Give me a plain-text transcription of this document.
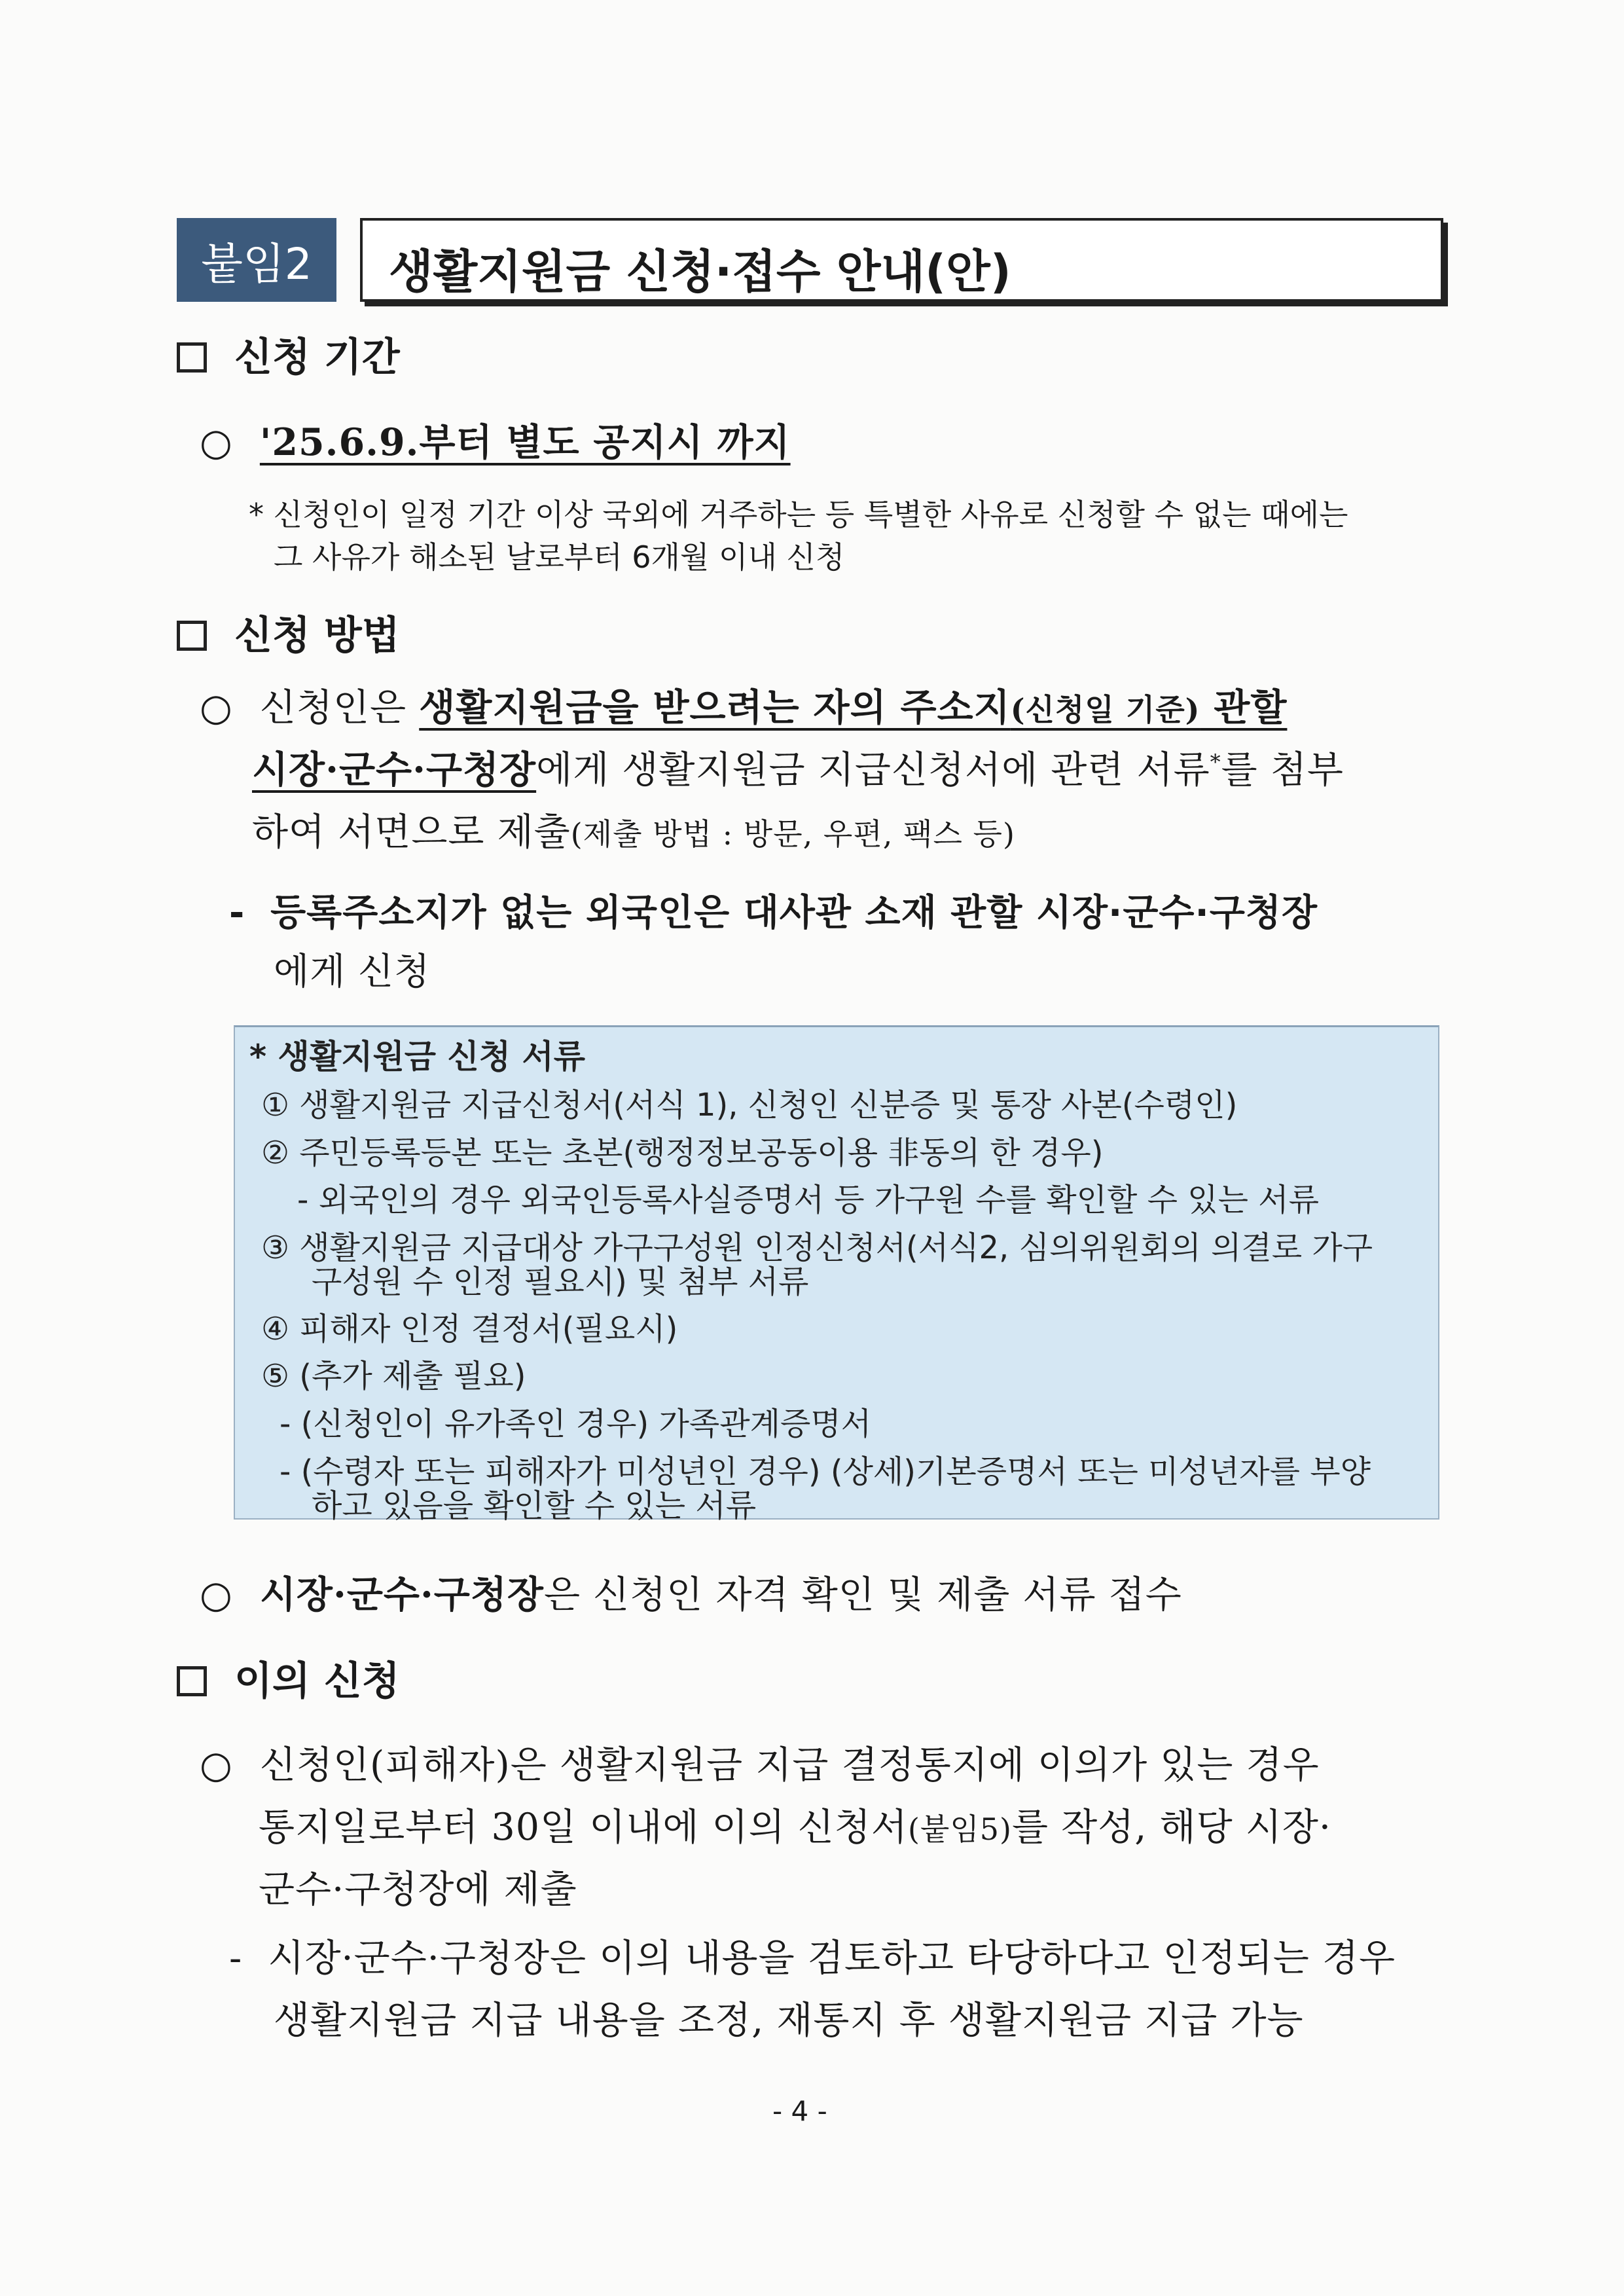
붙임2 생활지원금 신청·접수 안내(안)
신청 기간
○ '25.6.9.부터 별도 공지시 까지
* 신청인이 일정 기간 이상 국외에 거주하는 등 특별한 사유로 신청할 수 없는 때에는
그 사유가 해소된 날로부터 6개월 이내 신청
신청 방법
○ 신청인은 생활지원금을 받으려는 자의 주소지(신청일 기준) 관할
시장·군수·구청장에게 생활지원금 지급신청서에 관련 서류*를 첨부
하여 서면으로 제출(제출 방법 : 방문, 우편, 팩스 등)
- 등록주소지가 없는 외국인은 대사관 소재 관할 시장·군수·구청장
에게 신청
* 생활지원금 신청 서류
① 생활지원금 지급신청서(서식 1), 신청인 신분증 및 통장 사본(수령인)
② 주민등록등본 또는 초본(행정정보공동이용 非동의 한 경우)
- 외국인의 경우 외국인등록사실증명서 등 가구원 수를 확인할 수 있는 서류
③ 생활지원금 지급대상 가구구성원 인정신청서(서식2, 심의위원회의 의결로 가구
구성원 수 인정 필요시) 및 첨부 서류
④ 피해자 인정 결정서(필요시)
⑤ (추가 제출 필요)
- (신청인이 유가족인 경우) 가족관계증명서
- (수령자 또는 피해자가 미성년인 경우) (상세)기본증명서 또는 미성년자를 부양
하고 있음을 확인할 수 있는 서류
○ 시장·군수·구청장은 신청인 자격 확인 및 제출 서류 접수
이의 신청
○ 신청인(피해자)은 생활지원금 지급 결정통지에 이의가 있는 경우
통지일로부터 30일 이내에 이의 신청서(붙임5)를 작성, 해당 시장·
군수·구청장에 제출
- 시장·군수·구청장은 이의 내용을 검토하고 타당하다고 인정되는 경우
생활지원금 지급 내용을 조정, 재통지 후 생활지원금 지급 가능
- 4 -
